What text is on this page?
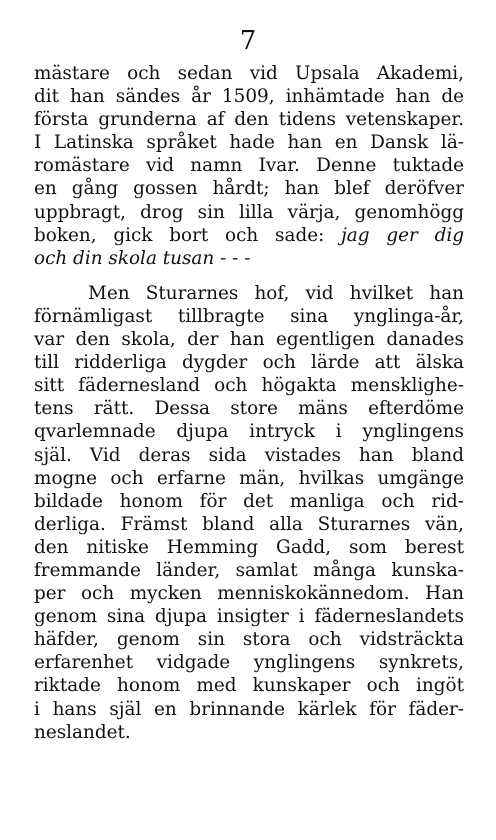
7
mästare och sedan vid Upsala Akademi,
dit han sändes år 1509, inhämtade han de
första grunderna af den tidens vetenskaper.
I Latinska språket hade han en Dansk lä-
romästare vid namn Ivar. Denne tuktade
en gång gossen hårdt; han blef deröfver
uppbragt, drog sin lilla värja, genomhögg
boken, gick bort och sade: jag ger dig
och din skola tusan - - -
Men Sturarnes hof, vid hvilket han
förnämligast tillbragte sina ynglinga-år,
var den skola, der han egentligen danades
till ridderliga dygder och lärde att älska
sitt fädernesland och högakta mensklighe-
tens rätt. Dessa store mäns efterdöme
qvarlemnade djupa intryck i ynglingens
själ. Vid deras sida vistades han bland
mogne och erfarne män, hvilkas umgänge
bildade honom för det manliga och rid-
derliga. Främst bland alla Sturarnes vän,
den nitiske Hemming Gadd, som berest
fremmande länder, samlat många kunska-
per och mycken menniskokännedom. Han
genom sina djupa insigter i fäderneslandets
häfder, genom sin stora och vidsträckta
erfarenhet vidgade ynglingens synkrets,
riktade honom med kunskaper och ingöt
i hans själ en brinnande kärlek för fäder-
neslandet.
